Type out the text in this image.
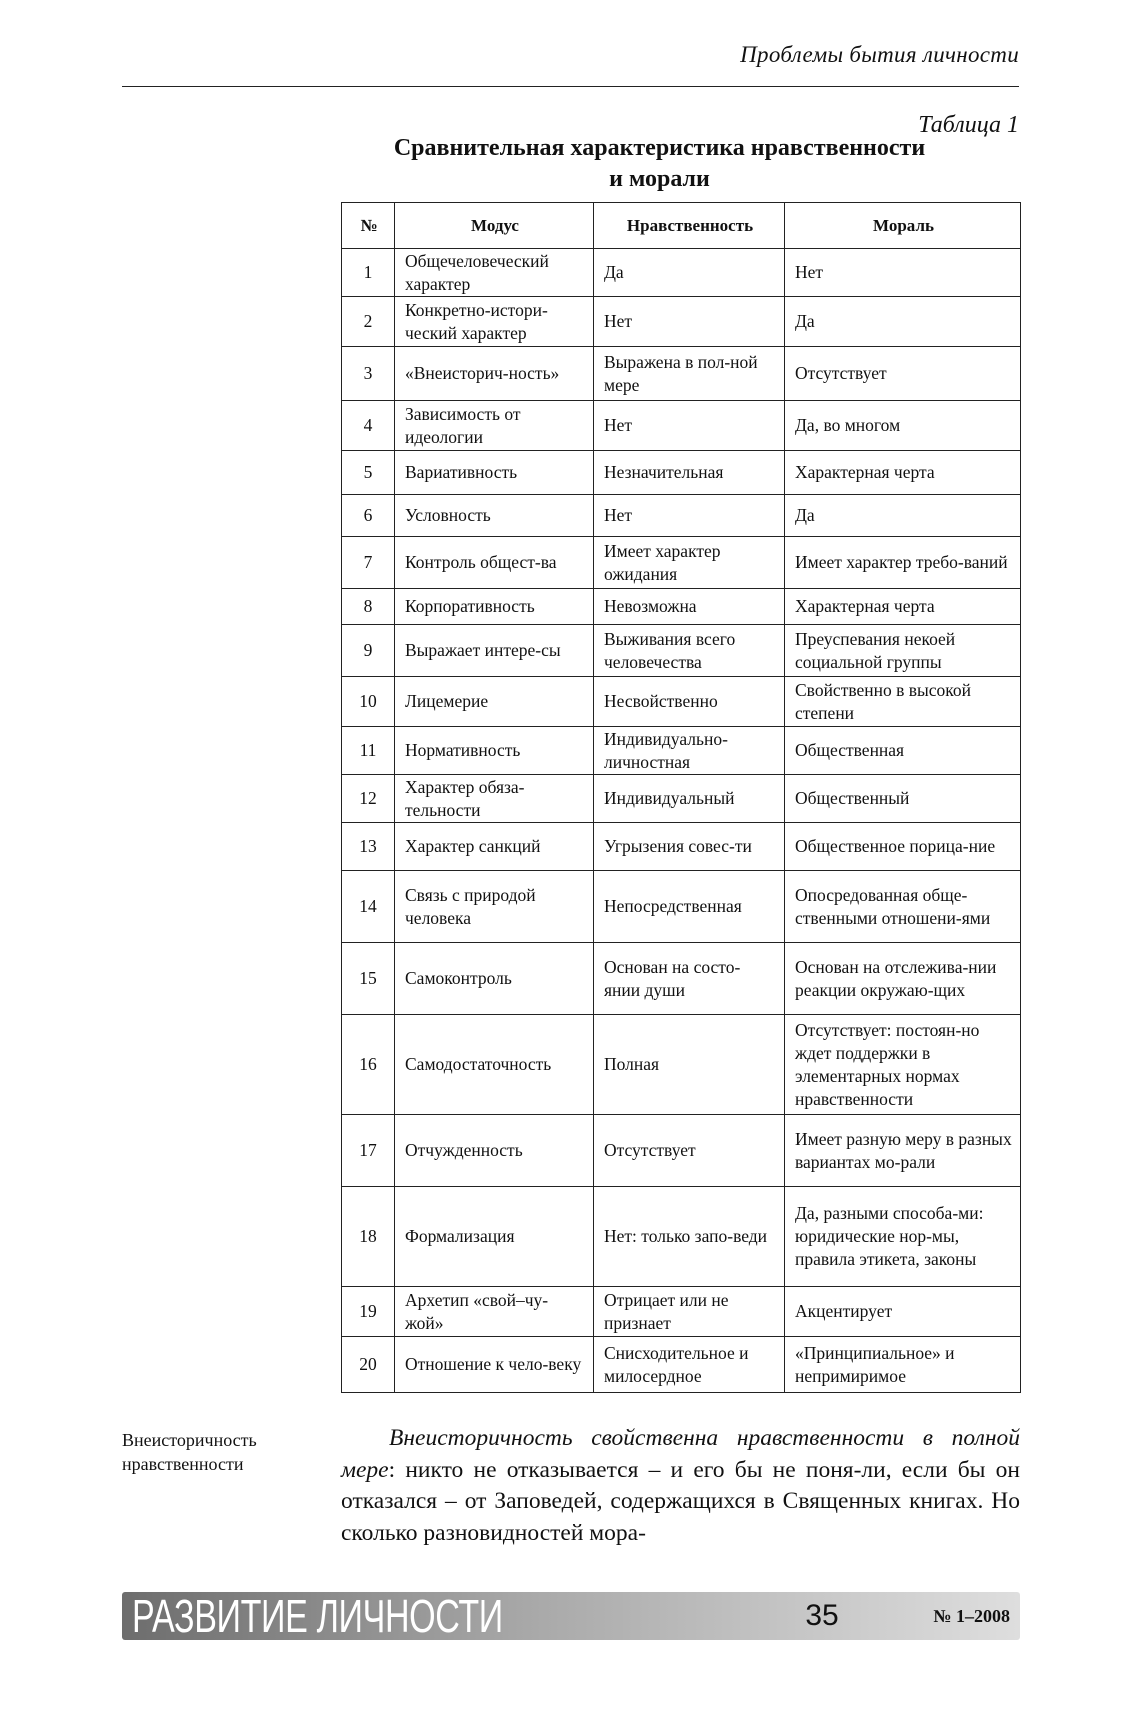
Проблемы бытия личности
Таблица 1
Сравнительная характеристика нравственности
и морали
№	Модус	Нравственность	Мораль
1	Общечеловеческий характер	Да	Нет
2	Конкретно-истори-ческий характер	Нет	Да
3	«Внеисторич-ность»	Выражена в пол-ной мере	Отсутствует
4	Зависимость от идеологии	Нет	Да, во многом
5	Вариативность	Незначительная	Характерная черта
6	Условность	Нет	Да
7	Контроль общест-ва	Имеет характер ожидания	Имеет характер требо-ваний
8	Корпоративность	Невозможна	Характерная черта
9	Выражает интере-сы	Выживания всего человечества	Преуспевания некоей социальной группы
10	Лицемерие	Несвойственно	Свойственно в высокой степени
11	Нормативность	Индивидуально-личностная	Общественная
12	Характер обяза-тельности	Индивидуальный	Общественный
13	Характер санкций	Угрызения совес-ти	Общественное порица-ние
14	Связь с природой человека	Непосредственная	Опосредованная обще-ственными отношени-ями
15	Самоконтроль	Основан на состо-янии души	Основан на отслежива-нии реакции окружаю-щих
16	Самодостаточность	Полная	Отсутствует: постоян-но ждет поддержки в элементарных нормах нравственности
17	Отчужденность	Отсутствует	Имеет разную меру в разных вариантах мо-рали
18	Формализация	Нет: только запо-веди	Да, разными способа-ми: юридические нор-мы, правила этикета, законы
19	Архетип «свой–чу-жой»	Отрицает или не признает	Акцентирует
20	Отношение к чело-веку	Снисходительное и милосердное	«Принципиальное» и непримиримое
Внеисторичность нравственности

Внеисторичность свойственна нравственности в полной мере: никто не отказывается – и его бы не поня-ли, если бы он отказался – от Заповедей, содержащихся в Священных книгах. Но сколько разновидностей мора-

РАЗВИТИЕ ЛИЧНОСТИ	35	№ 1–2008
